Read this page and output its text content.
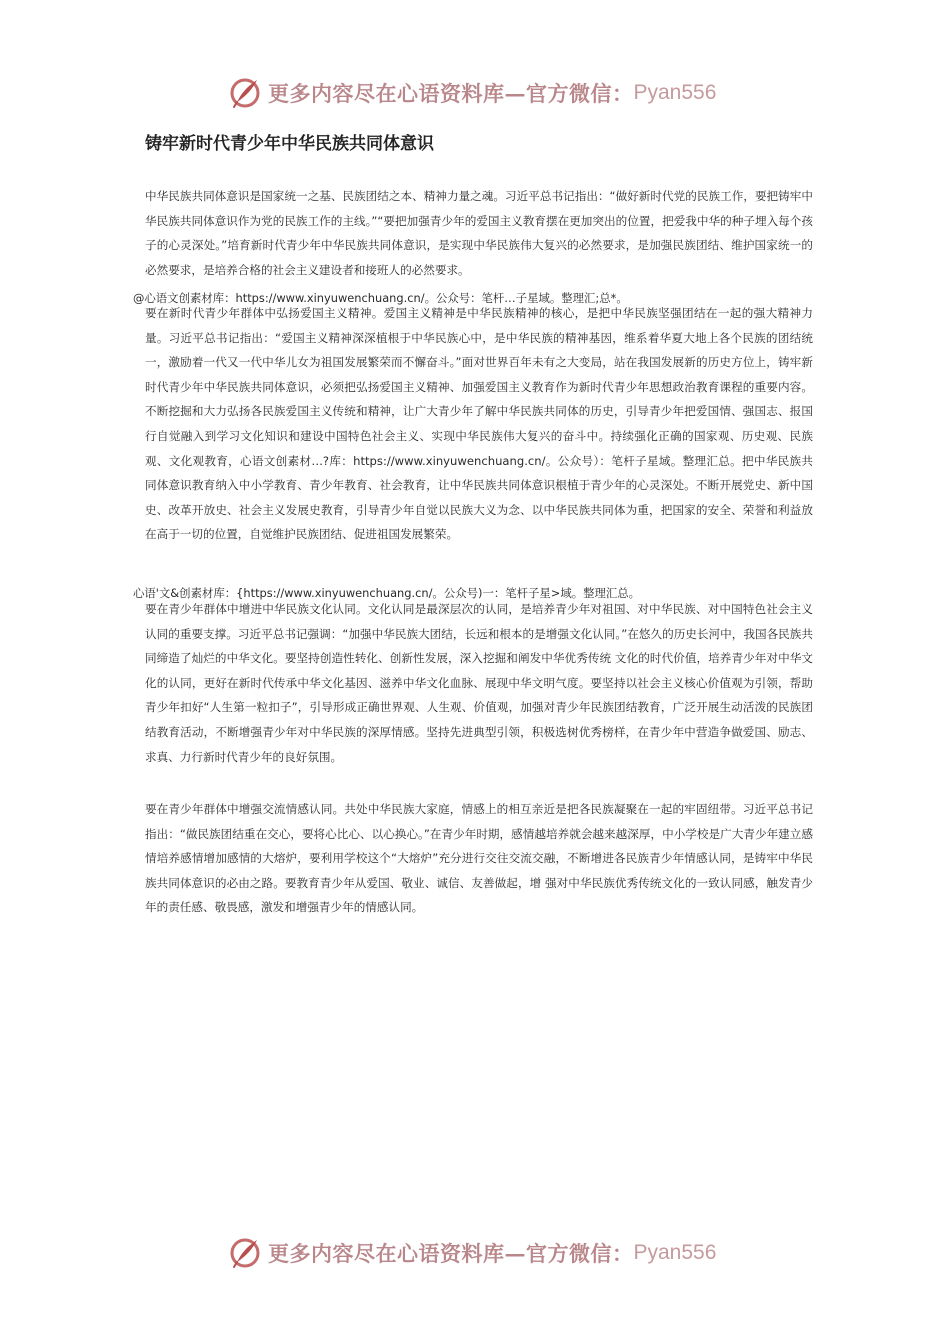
更多内容尽在心语资料库—官方微信： Pyan556
铸牢新时代青少年中华民族共同体意识

中华民族共同体意识是国家统一之基、民族团结之本、精神力量之魂。习近平总书记指出：“做好新时代党的民族工作，要把铸牢中华民族共同体意识作为党的民族工作的主线。”“要把加强青少年的爱国主义教育摆在更加突出的位置，把爱我中华的种子埋入每个孩子的心灵深处。”培育新时代青少年中华民族共同体意识，是实现中华民族伟大复兴的必然要求，是加强民族团结、维护国家统一的必然要求，是培养合格的社会主义建设者和接班人的必然要求。

@心语文创素材库：https://www.xinyuwenchuang.cn/。公众号：笔杆…子星域。整理汇;总*。

要在新时代青少年群体中弘扬爱国主义精神。爱国主义精神是中华民族精神的核心，是把中华民族坚强团结在一起的强大精神力量。习近平总书记指出：“爱国主义精神深深植根于中华民族心中，是中华民族的精神基因，维系着华夏大地上各个民族的团结统一，激励着一代又一代中华儿女为祖国发展繁荣而不懈奋斗。”面对世界百年未有之大变局，站在我国发展新的历史方位上，铸牢新时代青少年中华民族共同体意识，必须把弘扬爱国主义精神、加强爱国主义教育作为新时代青少年思想政治教育课程的重要内容。不断挖掘和大力弘扬各民族爱国主义传统和精神，让广大青少年了解中华民族共同体的历史，引导青少年把爱国情、强国志、报国行自觉融入到学习文化知识和建设中国特色社会主义、实现中华民族伟大复兴的奋斗中。持续强化正确的国家观、历史观、民族观、文化观教育，心语文创素材…?库：https://www.xinyuwenchuang.cn/。公众号）：笔杆子星域。整理汇总。把中华民族共同体意识教育纳入中小学教育、青少年教育、社会教育，让中华民族共同体意识根植于青少年的心灵深处。不断开展党史、新中国史、改革开放史、社会主义发展史教育，引导青少年自觉以民族大义为念、以中华民族共同体为重，把国家的安全、荣誉和利益放在高于一切的位置，自觉维护民族团结、促进祖国发展繁荣。

心语'文&创素材库：{https://www.xinyuwenchuang.cn/。公众号)一：笔杆子星>域。整理汇总。

要在青少年群体中增进中华民族文化认同。文化认同是最深层次的认同，是培养青少年对祖国、对中华民族、对中国特色社会主义认同的重要支撑。习近平总书记强调：“加强中华民族大团结，长远和根本的是增强文化认同。”在悠久的历史长河中，我国各民族共同缔造了灿烂的中华文化。要坚持创造性转化、创新性发展，深入挖掘和阐发中华优秀传统 文化的时代价值，培养青少年对中华文化的认同，更好在新时代传承中华文化基因、滋养中华文化血脉、展现中华文明气度。要坚持以社会主义核心价值观为引领，帮助青少年扣好“人生第一粒扣子”，引导形成正确世界观、人生观、价值观，加强对青少年民族团结教育，广泛开展生动活泼的民族团结教育活动，不断增强青少年对中华民族的深厚情感。坚持先进典型引领，积极选树优秀榜样，在青少年中营造争做爱国、励志、求真、力行新时代青少年的良好氛围。

要在青少年群体中增强交流情感认同。共处中华民族大家庭，情感上的相互亲近是把各民族凝聚在一起的牢固纽带。习近平总书记指出：“做民族团结重在交心，要将心比心、以心换心。”在青少年时期，感情越培养就会越来越深厚，中小学校是广大青少年建立感情培养感情增加感情的大熔炉，要利用学校这个“大熔炉”充分进行交往交流交融，不断增进各民族青少年情感认同，是铸牢中华民族共同体意识的必由之路。要教育青少年从爱国、敬业、诚信、友善做起，增 强对中华民族优秀传统文化的一致认同感，触发青少年的责任感、敬畏感，激发和增强青少年的情感认同。

更多内容尽在心语资料库—官方微信： Pyan556
